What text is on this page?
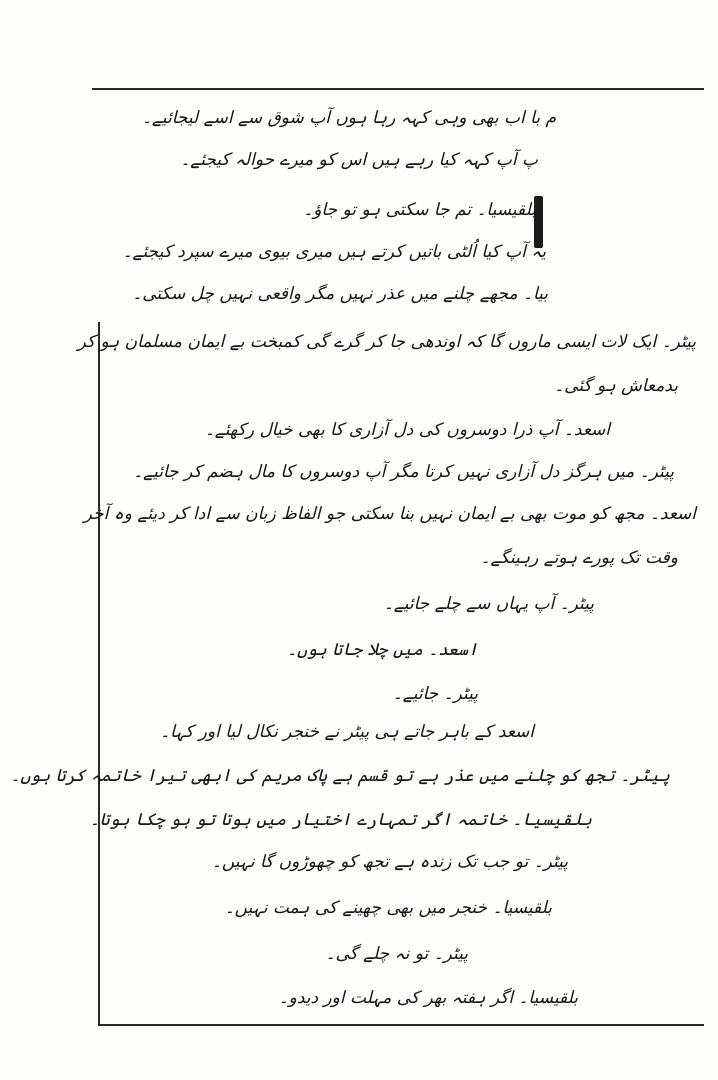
م با اب بھی وہی کہہ رہا ہوں آپ شوق سے اسے لیجائیے۔
پ آپ کہہ کیا رہے ہیں اس کو میرے حوالہ کیجئے۔
بلقیسیا۔ تم جا سکتی ہو تو جاؤ۔
یہ آپ کیا اُلٹی باتیں کرتے ہیں میری بیوی میرے سپرد کیجئے۔
بیا۔ مجھے چلنے میں عذر نہیں مگر واقعی نہیں چل سکتی۔
پیٹر۔ ایک لات ایسی ماروں گا کہ اوندھی جا کر گرے گی کمبخت بے ایمان مسلمان ہو کر
بدمعاش ہو گئی۔
اسعد۔ آپ ذرا دوسروں کی دل آزاری کا بھی خیال رکھئے۔
پیٹر۔ میں ہرگز دل آزاری نہیں کرتا مگر آپ دوسروں کا مال ہضم کر جائیے۔
اسعد۔ مجھ کو موت بھی بے ایمان نہیں بنا سکتی جو الفاظ زبان سے ادا کر دیئے وہ آخر
وقت تک پورے ہوتے رہینگے۔
پیٹر۔ آپ یہاں سے چلے جائیے۔
اسعد۔ میں چلا جاتا ہوں۔
پیٹر۔ جائیے۔
اسعد کے باہر جاتے ہی پیٹر نے خنجر نکال لیا اور کہا۔
پیٹر۔ تجھ کو چلنے میں عذر ہے تو قسم ہے پاک مریم کی ابھی تیرا خاتمہ کرتا ہوں۔
بلقیسیا۔ خاتمہ اگر تمہارے اختیار میں ہوتا تو ہو چکا ہوتا۔
پیٹر۔ تو جب تک زندہ ہے تجھ کو چھوڑوں گا نہیں۔
بلقیسیا۔ خنجر میں بھی چھینے کی ہمت نہیں۔
پیٹر۔ تو نہ چلے گی۔
بلقیسیا۔ اگر ہفتہ بھر کی مہلت اور دیدو۔
